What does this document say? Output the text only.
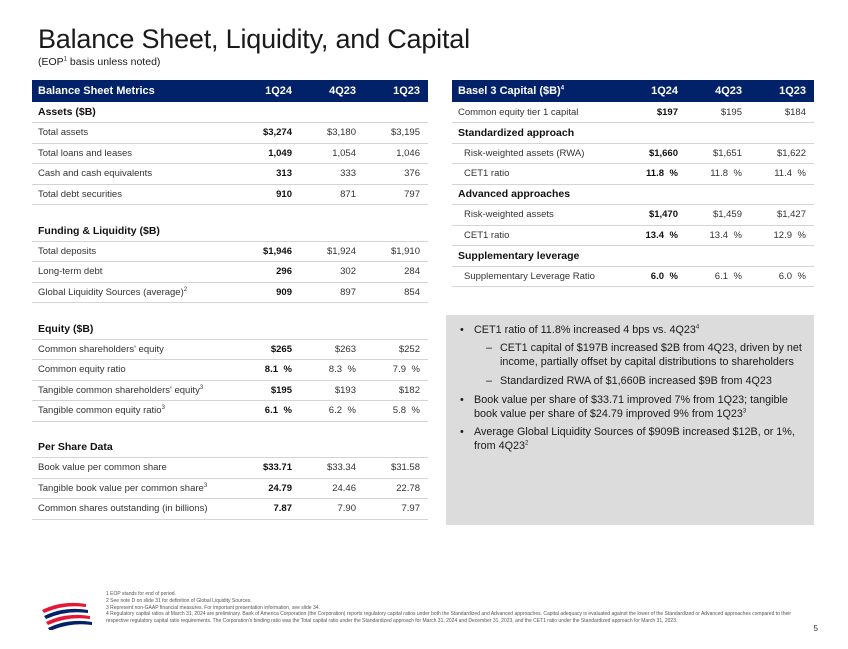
Balance Sheet, Liquidity, and Capital
(EOP$^1$ basis unless noted)
Balance Sheet Metrics	1Q24	4Q23	1Q23
Assets ($B)			
Total assets	$3,274	$3,180	$3,195
Total loans and leases	1,049	1,054	1,046
Cash and cash equivalents	313	333	376
Total debt securities	910	871	797

Funding & Liquidity ($B)			
Total deposits	$1,946	$1,924	$1,910
Long-term debt	296	302	284
Global Liquidity Sources (average)$^2$	909	897	854

Equity ($B)			
Common shareholders' equity	$265	$263	$252
Common equity ratio	8.1 %	8.3 %	7.9 %
Tangible common shareholders' equity$^3$	$195	$193	$182
Tangible common equity ratio$^3$	6.1 %	6.2 %	5.8 %

Per Share Data			
Book value per common share	$33.71	$33.34	$31.58
Tangible book value per common share$^3$	24.79	24.46	22.78
Common shares outstanding (in billions)	7.87	7.90	7.97
Basel 3 Capital ($B)$^4$	1Q24	4Q23	1Q23
Common equity tier 1 capital	$197	$195	$184
Standardized approach			
Risk-weighted assets (RWA)	$1,660	$1,651	$1,622
CET1 ratio	11.8 %	11.8 %	11.4 %
Advanced approaches			
Risk-weighted assets	$1,470	$1,459	$1,427
CET1 ratio	13.4 %	13.4 %	12.9 %
Supplementary leverage			
Supplementary Leverage Ratio	6.0 %	6.1 %	6.0 %
• CET1 ratio of 11.8% increased 4 bps vs. $4Q23^4$
– CET1 capital of $197B increased $2B from 4Q23, driven by net income, partially offset by capital distributions to shareholders
– Standardized RWA of $1,660B increased $9B from 4Q23
• Book value per share of $33.71 improved 7% from 1Q23; tangible book value per share of $24.79 improved 9% from $1Q23^3$
• Average Global Liquidity Sources of $909B increased $12B, or 1%, from $4Q23^2$
1 EOP stands for end of period.
2 See note D on slide 31 for definition of Global Liquidity Sources.
3 Represent non-GAAP financial measures. For important presentation information, see slide 34.
4 Regulatory capital ratios at March 31, 2024 are preliminary. Bank of America Corporation (the Corporation) reports regulatory capital ratios under both the Standardized and Advanced approaches. Capital adequacy is evaluated against the lower of the Standardized or Advanced approaches compared to their respective regulatory capital ratio requirements. The Corporation's binding ratio was the Total capital ratio under the Standardized approach for March 31, 2024 and December 31, 2023, and the CET1 ratio under the Standardized approach for March 31, 2023.
5
